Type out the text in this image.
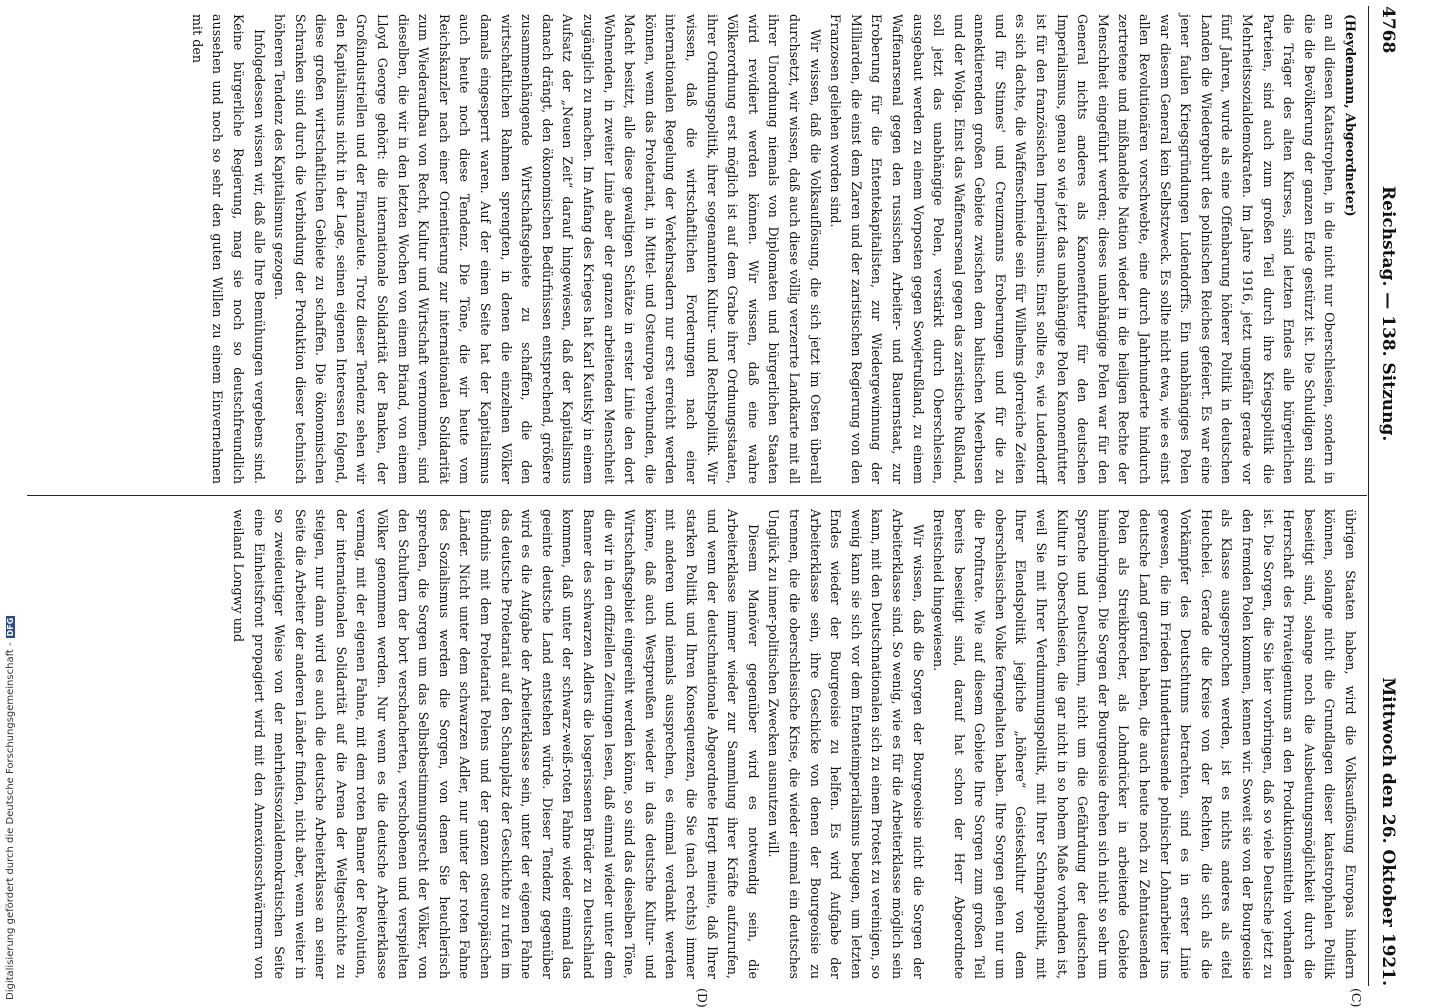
4768
Reichstag. — 138. Sitzung.
Mittwoch den 26. Oktober 1921.
(C)
(D)

(Heydemann, Abgeordneter)

an all diesen Katastrophen, in die nicht nur Oberschlesien, sondern in die die Bevölkerung der ganzen Erde gestürzt ist. Die Schuldigen sind die Träger des alten Kurses, sind letzten Endes alle bürgerlichen Parteien, sind auch zum großen Teil durch ihre Kriegspolitik die Mehrheitssozialdemokraten. Im Jahre 1916, jetzt ungefähr gerade vor fünf Jahren, wurde als eine Offenbarung höherer Politik in deutschen Landen die Wiedergeburt des polnischen Reiches gefeiert. Es war eine jener faulen Kriegsgründungen Ludendorffs. Ein unabhängiges Polen war diesem General kein Selbstzweck. Es sollte nicht etwa, wie es einst allen Revolutionären vorschwebte, eine durch Jahrhunderte hindurch zertretene und mißhandelte Nation wieder in die heiligen Rechte der Menschheit eingeführt werden; dieses unabhängige Polen war für den General nichts anderes als Kanonenfutter für den deutschen Imperialismus, genau so wie jetzt das unabhängige Polen Kanonenfutter ist für den französischen Imperialismus. Einst sollte es, wie Ludendorff es sich dachte, die Waffenschmiede sein für Wilhelms glorreiche Zeiten und für Stinnes' und Creuzmanns Eroberungen und für die zu annektierenden großen Gebiete zwischen dem baltischen Meerbusen und der Wolga. Einst das Waffenarsenal gegen das zaristische Rußland, soll jetzt das unabhängige Polen, verstärkt durch Oberschlesien, ausgebaut werden zu einem Vorposten gegen Sowjetrußland, zu einem Waffenarsenal gegen den russischen Arbeiter- und Bauernstaat, zur Eroberung für die Ententekapitalisten, zur Wiedergewinnung der Milliarden, die einst dem Zaren und der zaristischen Regierung von den Franzosen geliehen worden sind.

Wir wissen, daß die Volksauflösung, die sich jetzt im Osten überall durchsetzt, wir wissen, daß auch diese völlig verzerrte Landkarte mit all ihrer Unordnung niemals von Diplomaten und bürgerlichen Staaten wird revidiert werden können. Wir wissen, daß eine wahre Völkerordnung erst möglich ist auf dem Grabe ihrer Ordnungsstaaten, ihrer Ordnungspolitik, ihrer sogenannten Kultur- und Rechtspolitik. Wir wissen, daß die wirtschaftlichen Forderungen nach einer internationalen Regelung der Verkehrsadern nur erst erreicht werden können, wenn das Proletariat, in Mittel- und Osteuropa verbunden, die Macht besitzt, alle diese gewaltigen Schätze in erster Linie den dort Wohnenden, in zweiter Linie aber der ganzen arbeitenden Menschheit zugänglich zu machen. Im Anfang des Krieges hat Karl Kautsky in einem Aufsatz der „Neuen Zeit“ darauf hingewiesen, daß der Kapitalismus danach drängt, den ökonomischen Bedürfnissen entsprechend, größere zusammenhängende Wirtschaftsgebiete zu schaffen, die den wirtschaftlichen Rahmen sprengten, in denen die einzelnen Völker damals eingesperrt waren. Auf der einen Seite hat der Kapitalismus auch heute noch diese Tendenz. Die Töne, die wir heute vom Reichskanzler nach einer Orientierung zur internationalen Solidarität zum Wiederaufbau von Recht, Kultur und Wirtschaft vernommen, sind dieselben, die wir in den letzten Wochen von einem Briand, von einem Lloyd George gehört: die internationale Solidarität der Banken, der Großindustriellen und der Finanzleute. Trotz dieser Tendenz sehen wir den Kapitalismus nicht in der Lage, seinen eigenen Interessen folgend, diese großen wirtschaftlichen Gebiete zu schaffen. Die ökonomischen Schranken sind durch die Verbindung der Produktion dieser technisch höheren Tendenz des Kapitalismus gezogen.

Infolgedessen wissen wir, daß alle Ihre Bemühungen vergebens sind. Keine bürgerliche Regierung, mag sie noch so deutschfreundlich aussehen und noch so sehr den guten Willen zu einem Einvernehmen mit den

übrigen Staaten haben, wird die Volksauflösung Europas hindern können, solange nicht die Grundlagen dieser katastrophalen Politik beseitigt sind, solange noch die Ausbeutungsmöglichkeit durch die Herrschaft des Privateigentums an den Produktionsmitteln vorhanden ist. Die Sorgen, die Sie hier vorbringen, daß so viele Deutsche jetzt zu den fremden Polen kommen, kennen wir. Soweit sie von der Bourgeoisie als Klasse ausgesprochen werden, ist es nichts anderes als eitel Heuchelei. Gerade die Kreise von der Rechten, die sich als die Vorkämpfer des Deutschtums betrachten, sind es in erster Linie gewesen, die im Frieden Hunderttausende polnischer Lohnarbeiter ins deutsche Land gerufen haben, die auch heute noch zu Zehntausenden Polen als Streikbrecher, als Lohndrücker in arbeitende Gebiete hineinbringen. Die Sorgen der Bourgeoisie drehen sich nicht so sehr um Sprache und Deutschtum, nicht um die Gefährdung der deutschen Kultur in Oberschlesien, die gar nicht in so hohem Maße vorhanden ist, weil Sie mit Ihrer Verdummungspolitik, mit Ihrer Schnapspolitik, mit Ihrer Elendspolitik jegliche „höhere“ Geisteskultur von dem oberschlesischen Volke ferngehalten haben. Ihre Sorgen gehen nur um die Profitrate. Wie auf diesem Gebiete Ihre Sorgen zum großen Teil bereits beseitigt sind, darauf hat schon der Herr Abgeordnete Breitscheid hingewiesen.

Wir wissen, daß die Sorgen der Bourgeoisie nicht die Sorgen der Arbeiterklasse sind. So wenig, wie es für die Arbeiterklasse möglich sein kann, mit den Deutschnationalen sich zu einem Protest zu vereinigen, so wenig kann sie sich vor dem Ententeimperialismus beugen, um letzten Endes wieder der Bourgeoisie zu helfen. Es wird Aufgabe der Arbeiterklasse sein, ihre Geschicke von denen der Bourgeoisie zu trennen, die die oberschlesische Krise, die wieder einmal ein deutsches Unglück zu inner-politischen Zwecken ausnutzen will.

Diesem Manöver gegenüber wird es notwendig sein, die Arbeiterklasse immer wieder zur Sammlung ihrer Kräfte aufzurufen, und wenn der deutschnationale Abgeordnete Hergt meinte, daß Ihrer starken Politik und Ihren Konsequenzen, die Sie (nach rechts) immer mit anderen und niemals aussprechen, es einmal verdankt werden könne, daß auch Westpreußen wieder in das deutsche Kultur- und Wirtschaftsgebiet eingereiht werden könne, so sind das dieselben Töne, die wir in den offiziellen Zeitungen lesen, daß einmal wieder unter dem Banner des schwarzen Adlers die losgerissenen Brüder zu Deutschland kommen, daß unter der schwarz-weiß-roten Fahne wieder einmal das geeinte deutsche Land entstehen würde. Dieser Tendenz gegenüber wird es die Aufgabe der Arbeiterklasse sein, unter der eigenen Fahne das deutsche Proletariat auf den Schauplatz der Geschichte zu rufen im Bündnis mit dem Proletariat Polens und der ganzen osteuropäischen Länder. Nicht unter dem schwarzen Adler, nur unter der roten Fahne des Sozialismus werden die Sorgen, von denen Sie heuchlerisch sprechen, die Sorgen um das Selbstbestimmungsrecht der Völker, von den Schultern der bort verschacherten, verschobenen und verspielten Völker genommen werden. Nur wenn es die deutsche Arbeiterklasse vermag, mit der eigenen Fahne, mit dem roten Banner der Revolution, der internationalen Solidarität auf die Arena der Weltgeschichte zu steigen, nur dann wird es auch die deutsche Arbeiterklasse an seiner Seite die Arbeiter der anderen Länder finden, nicht aber, wenn weiter in so zweideutiger Weise von der mehrheitssozialdemokratischen Seite eine Einheitsfront propagiert wird mit den Annexionsschwärmern von weiland Longwy und

Digitalisierung gefördert durch die Deutsche Forschungsgemeinschaft -DFG
